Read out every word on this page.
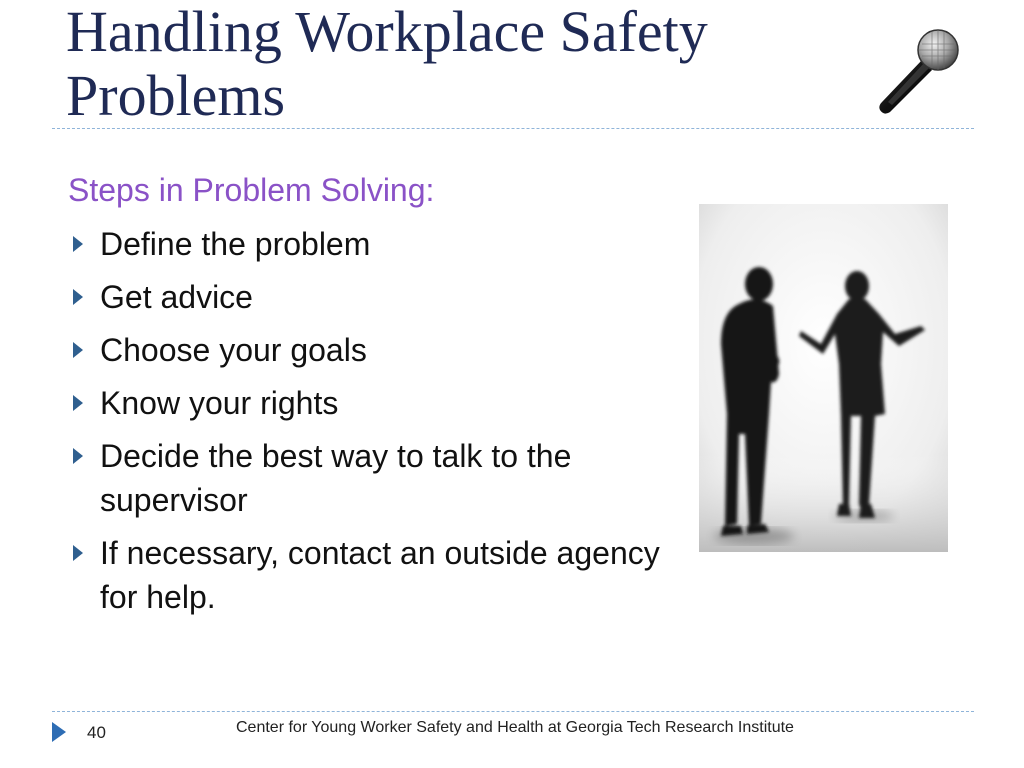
Handling Workplace Safety Problems
Steps in Problem Solving:
Define the problem
Get advice
Choose your goals
Know your rights
Decide the best way to talk to the supervisor
If necessary, contact an outside agency for help.
40	Center for Young Worker Safety and Health at Georgia Tech Research Institute
